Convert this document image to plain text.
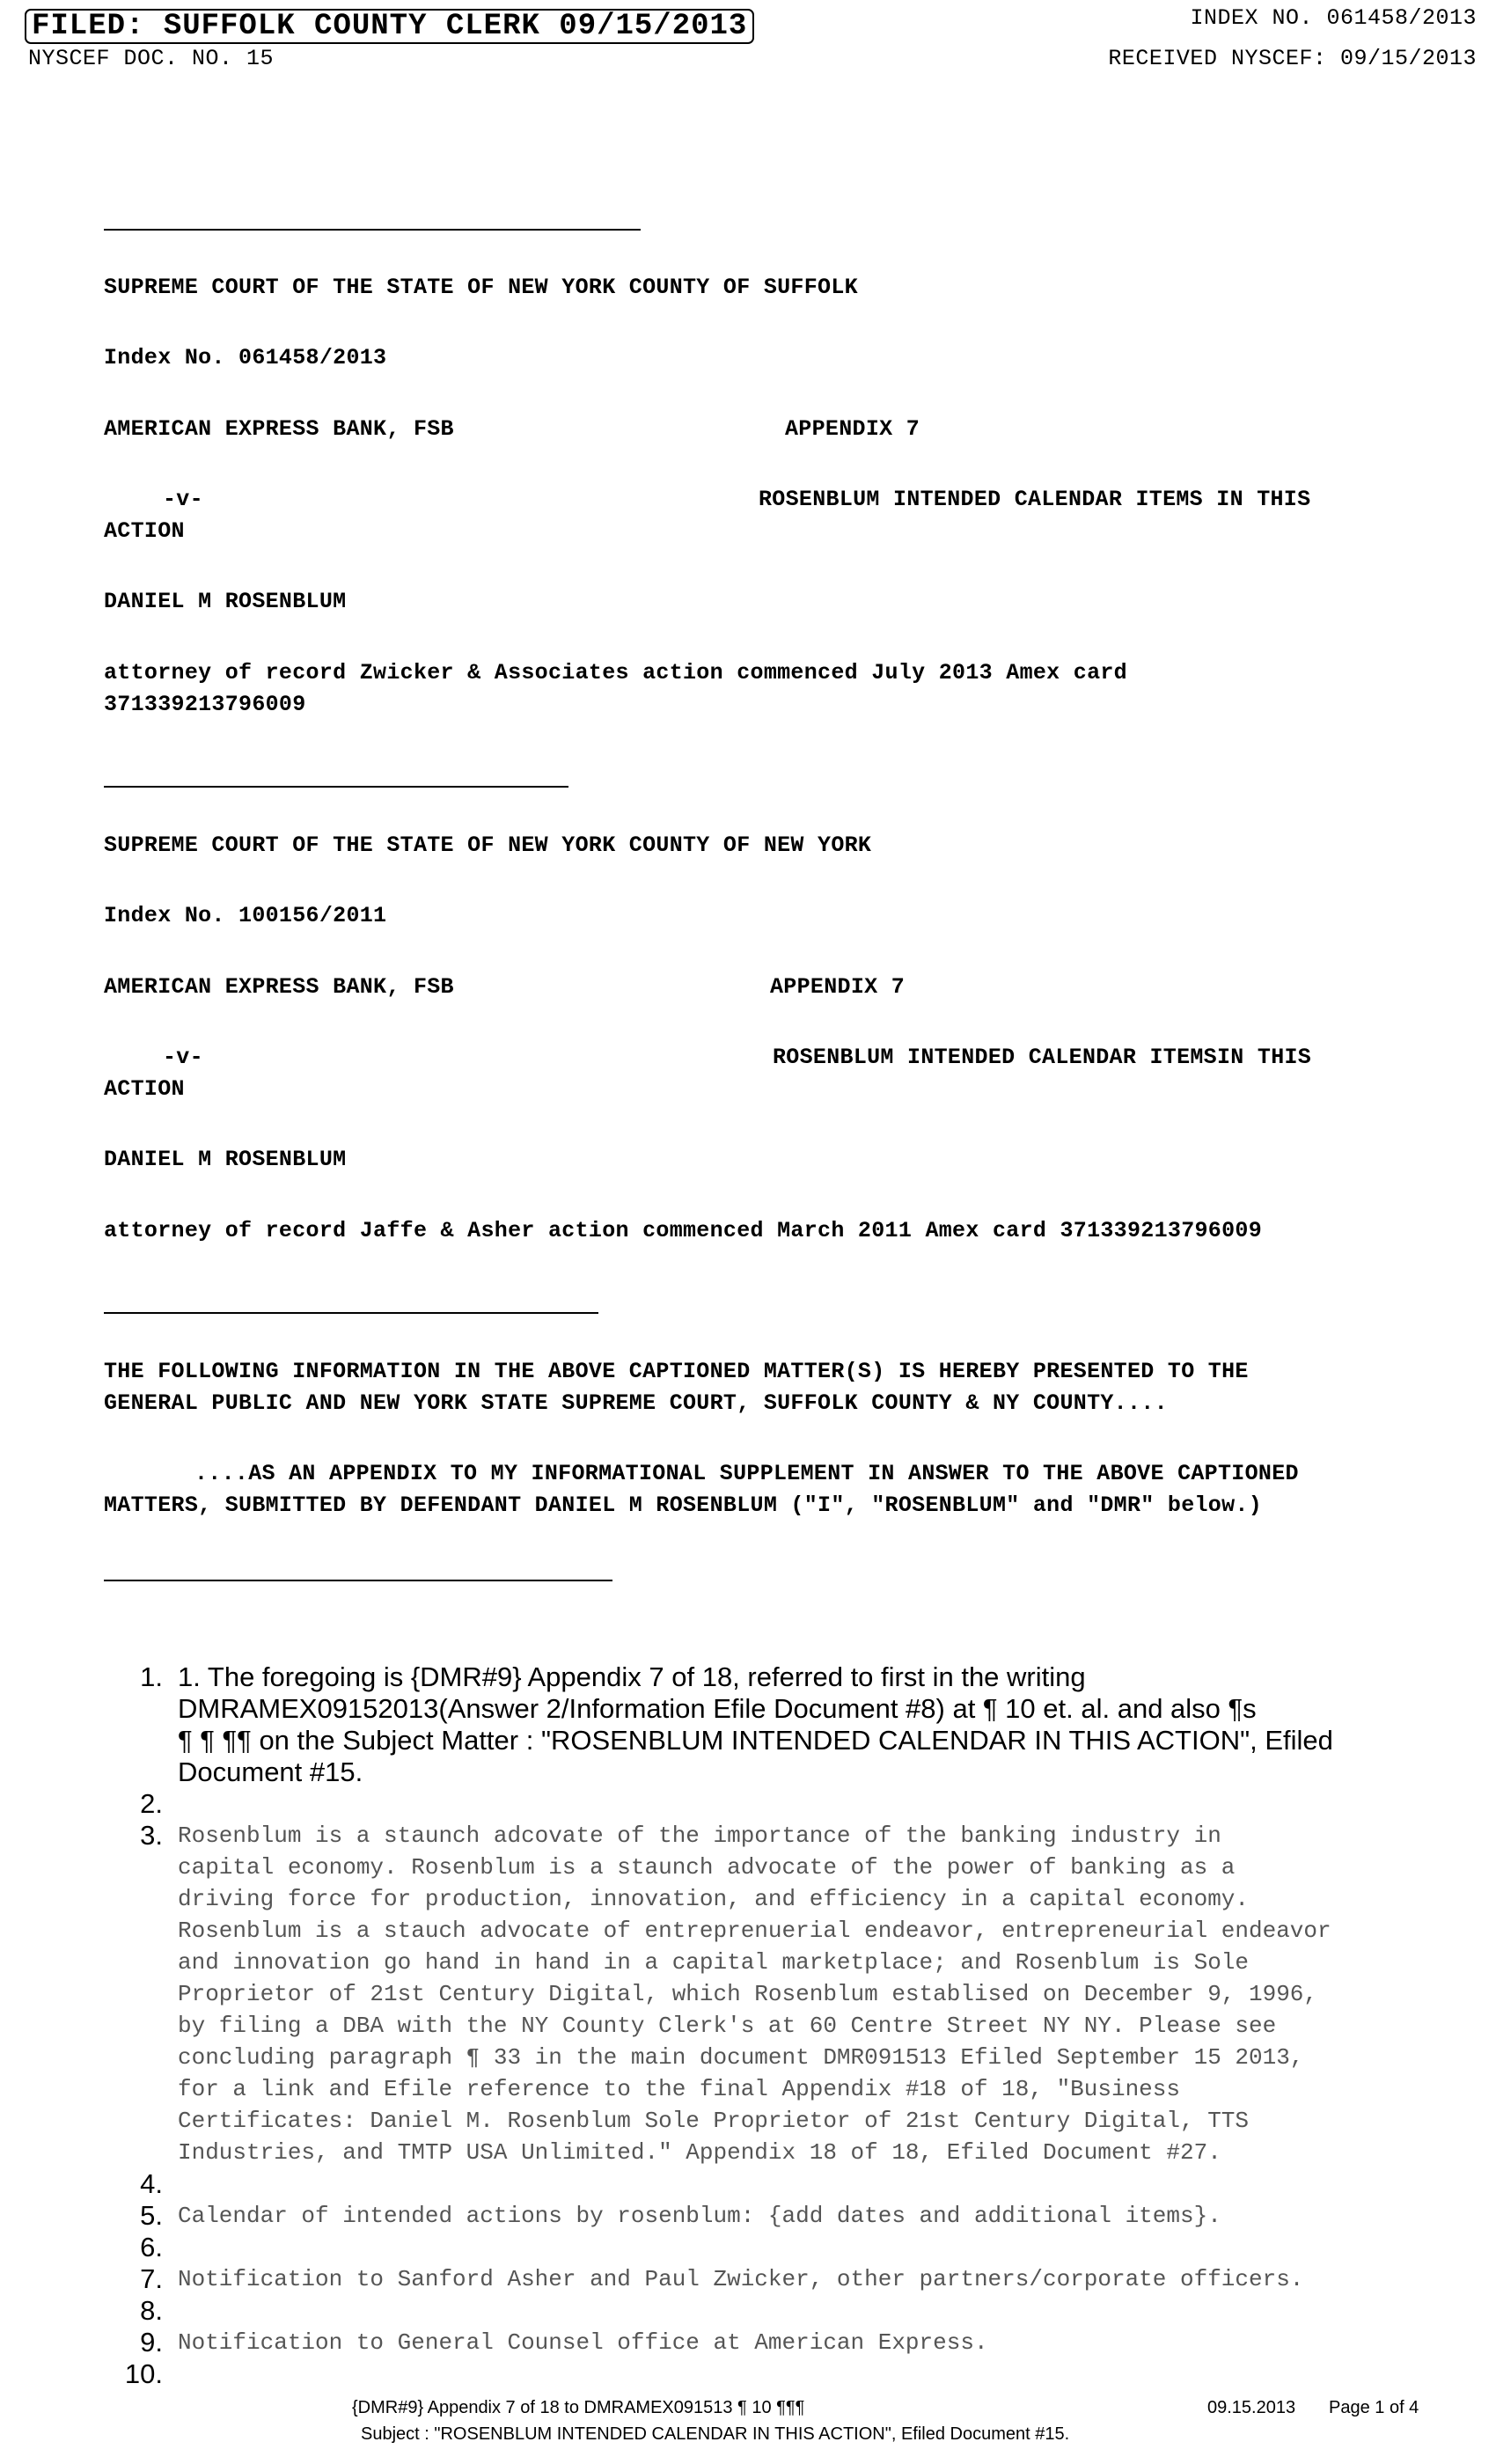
FILED: SUFFOLK COUNTY CLERK 09/15/2013	INDEX NO. 061458/2013
NYSCEF DOC. NO. 15	RECEIVED NYSCEF: 09/15/2013
SUPREME COURT OF THE STATE OF NEW YORK COUNTY OF SUFFOLK
Index No. 061458/2013
AMERICAN EXPRESS BANK, FSB	APPENDIX 7
-v-	ROSENBLUM INTENDED CALENDAR ITEMS IN THIS
ACTION
DANIEL M ROSENBLUM
attorney of record Zwicker & Associates action commenced July 2013 Amex card
371339213796009
SUPREME COURT OF THE STATE OF NEW YORK COUNTY OF NEW YORK
Index No. 100156/2011
AMERICAN EXPRESS BANK, FSB	APPENDIX 7
-v-	ROSENBLUM INTENDED CALENDAR ITEMSIN THIS
ACTION
DANIEL M ROSENBLUM
attorney of record Jaffe & Asher action commenced March 2011 Amex card 371339213796009
THE FOLLOWING INFORMATION IN THE ABOVE CAPTIONED MATTER(S) IS HEREBY PRESENTED TO THE
GENERAL PUBLIC AND NEW YORK STATE SUPREME COURT, SUFFOLK COUNTY & NY COUNTY....
....AS AN APPENDIX TO MY INFORMATIONAL SUPPLEMENT IN ANSWER TO THE ABOVE CAPTIONED
MATTERS, SUBMITTED BY DEFENDANT DANIEL M ROSENBLUM ("I", "ROSENBLUM" and "DMR" below.)
1. 1. The foregoing is {DMR#9} Appendix 7 of 18, referred to first in the writing
DMRAMEX09152013(Answer 2/Information Efile Document #8) at ¶ 10 et. al. and also ¶s
¶ ¶ ¶¶ on the Subject Matter : "ROSENBLUM INTENDED CALENDAR IN THIS ACTION", Efiled
Document #15.
2.
3. Rosenblum is a staunch adcovate of the importance of the banking industry in
capital economy. Rosenblum is a staunch advocate of the power of banking as a
driving force for production, innovation, and efficiency in a capital economy.
Rosenblum is a stauch advocate of entreprenuerial endeavor, entrepreneurial endeavor
and innovation go hand in hand in a capital marketplace; and Rosenblum is Sole
Proprietor of 21st Century Digital, which Rosenblum establised on December 9, 1996,
by filing a DBA with the NY County Clerk's at 60 Centre Street NY NY. Please see
concluding paragraph ¶ 33 in the main document DMR091513 Efiled September 15 2013,
for a link and Efile reference to the final Appendix #18 of 18, "Business
Certificates: Daniel M. Rosenblum Sole Proprietor of 21st Century Digital, TTS
Industries, and TMTP USA Unlimited." Appendix 18 of 18, Efiled Document #27.
4.
5. Calendar of intended actions by rosenblum: {add dates and additional items}.
6.
7. Notification to Sanford Asher and Paul Zwicker, other partners/corporate officers.
8.
9. Notification to General Counsel office at American Express.
10.
{DMR#9} Appendix 7 of 18 to DMRAMEX091513 ¶ 10 ¶¶¶
Subject : "ROSENBLUM INTENDED CALENDAR IN THIS ACTION", Efiled Document #15.
09.15.2013 Page 1 of 4
